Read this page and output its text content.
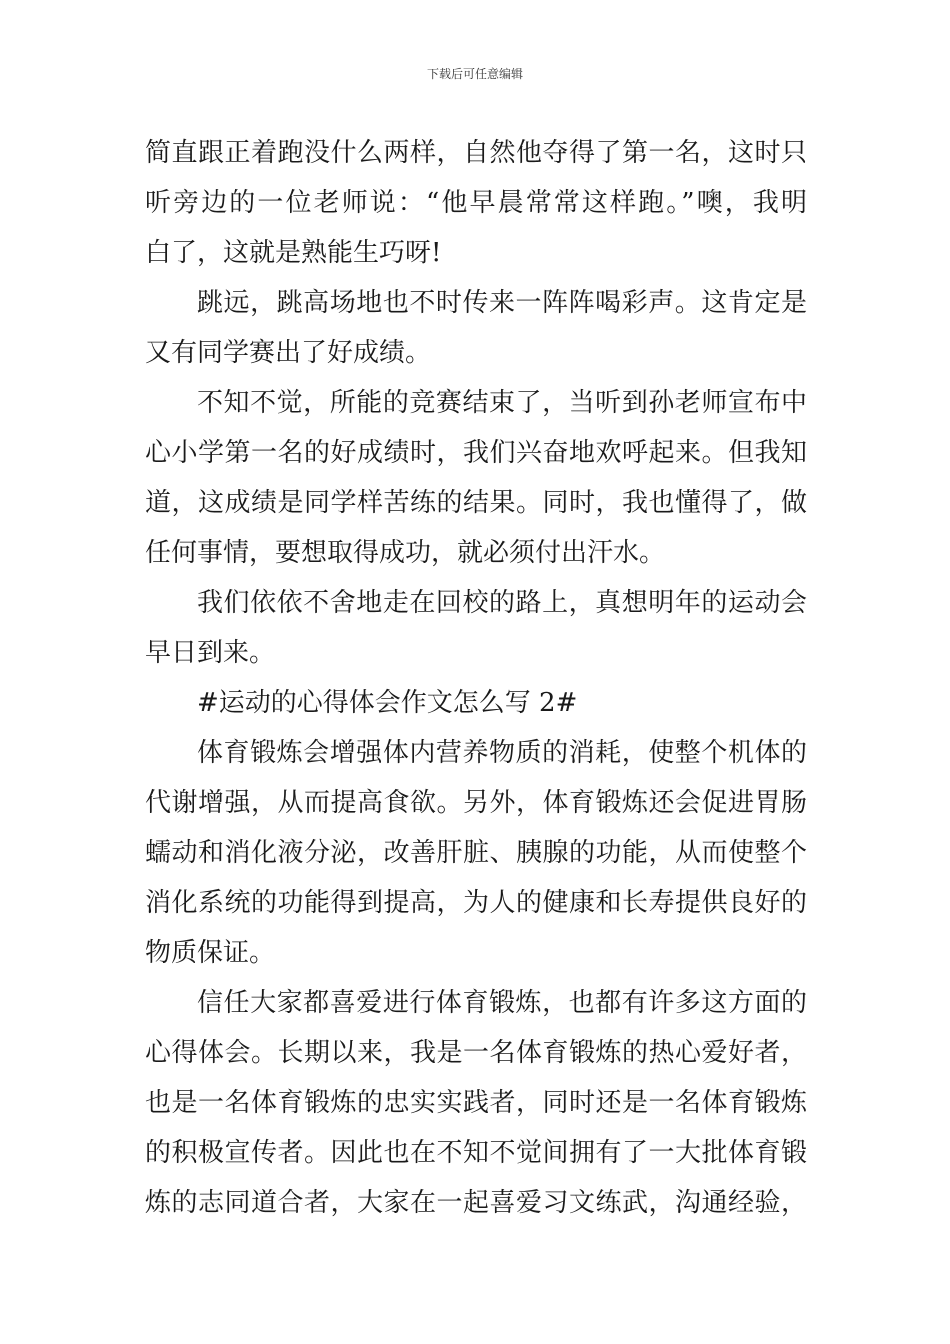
下载后可任意编辑
简直跟正着跑没什么两样，自然他夺得了第一名，这时只
听旁边的一位老师说：“他早晨常常这样跑。”噢，我明
白了，这就是熟能生巧呀!
跳远，跳高场地也不时传来一阵阵喝彩声。这肯定是
又有同学赛出了好成绩。
不知不觉，所能的竞赛结束了，当听到孙老师宣布中
心小学第一名的好成绩时，我们兴奋地欢呼起来。但我知
道，这成绩是同学样苦练的结果。同时，我也懂得了，做
任何事情，要想取得成功，就必须付出汗水。
我们依依不舍地走在回校的路上，真想明年的运动会
早日到来。
#运动的心得体会作文怎么写 2#
体育锻炼会增强体内营养物质的消耗，使整个机体的
代谢增强，从而提高食欲。另外，体育锻炼还会促进胃肠
蠕动和消化液分泌，改善肝脏、胰腺的功能，从而使整个
消化系统的功能得到提高，为人的健康和长寿提供良好的
物质保证。
信任大家都喜爱进行体育锻炼，也都有许多这方面的
心得体会。长期以来，我是一名体育锻炼的热心爱好者，
也是一名体育锻炼的忠实实践者，同时还是一名体育锻炼
的积极宣传者。因此也在不知不觉间拥有了一大批体育锻
炼的志同道合者，大家在一起喜爱习文练武，沟通经验，
